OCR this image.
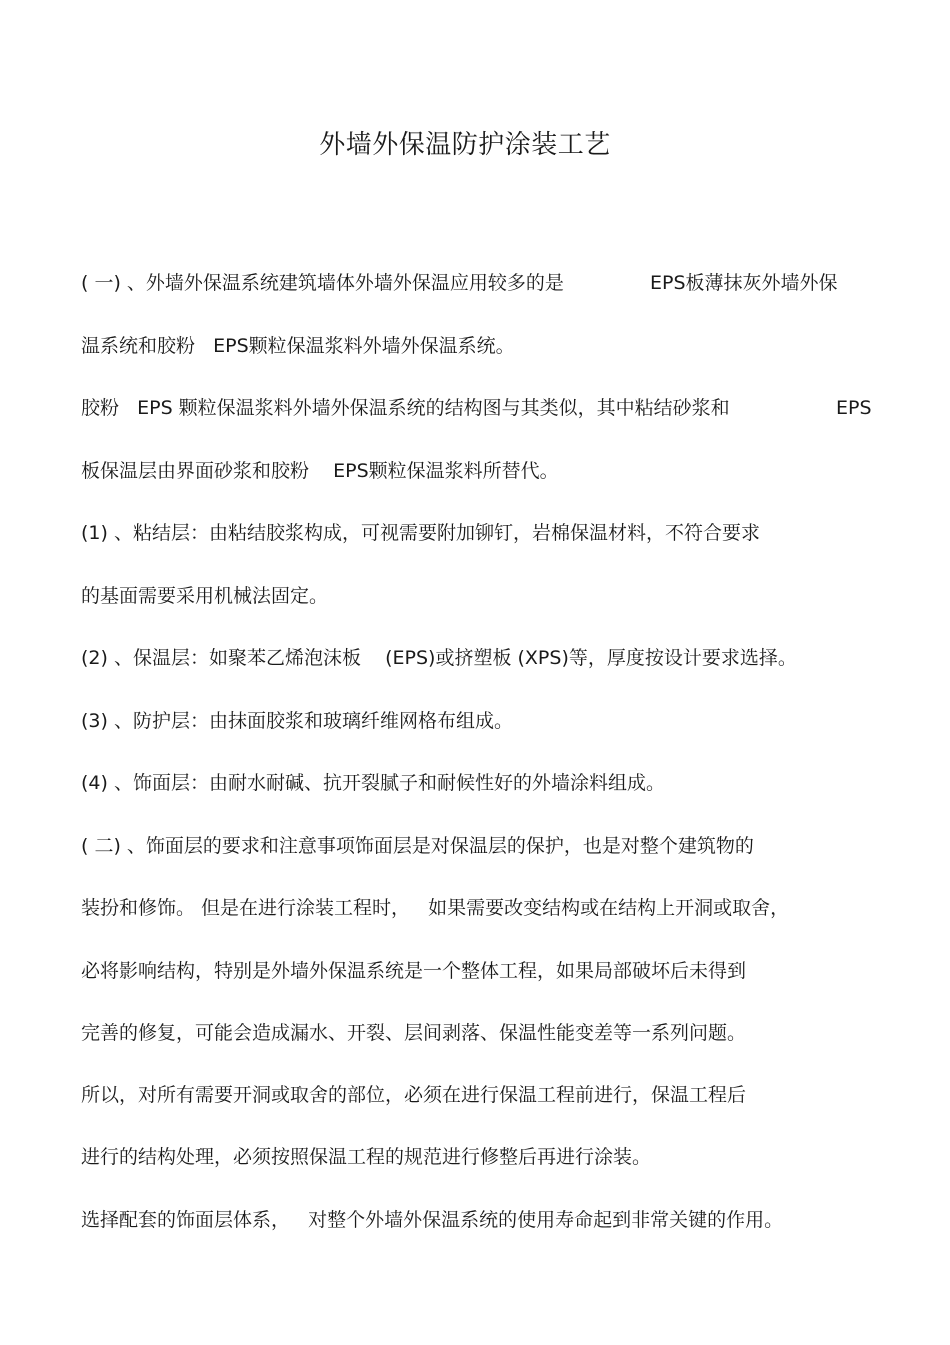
外墙外保温防护涂装工艺
( 一) 、外墙外保温系统建筑墙体外墙外保温应用较多的是	EPS板薄抹灰外墙外保
温系统和胶粉   EPS颗粒保温浆料外墙外保温系统。
胶粉   EPS 颗粒保温浆料外墙外保温系统的结构图与其类似，其中粘结砂浆和	EPS
板保温层由界面砂浆和胶粉    EPS颗粒保温浆料所替代。
(1) 、粘结层：由粘结胶浆构成，可视需要附加铆钉，岩棉保温材料，不符合要求
的基面需要采用机械法固定。
(2) 、保温层：如聚苯乙烯泡沫板    (EPS)或挤塑板 (XPS)等，厚度按设计要求选择。
(3) 、防护层：由抹面胶浆和玻璃纤维网格布组成。
(4) 、饰面层：由耐水耐碱、抗开裂腻子和耐候性好的外墙涂料组成。
( 二) 、饰面层的要求和注意事项饰面层是对保温层的保护，也是对整个建筑物的
装扮和修饰。 但是在进行涂装工程时，   如果需要改变结构或在结构上开洞或取舍，
必将影响结构，特别是外墙外保温系统是一个整体工程，如果局部破坏后未得到
完善的修复，可能会造成漏水、开裂、层间剥落、保温性能变差等一系列问题。
所以，对所有需要开洞或取舍的部位，必须在进行保温工程前进行，保温工程后
进行的结构处理，必须按照保温工程的规范进行修整后再进行涂装。
选择配套的饰面层体系，   对整个外墙外保温系统的使用寿命起到非常关键的作用。
